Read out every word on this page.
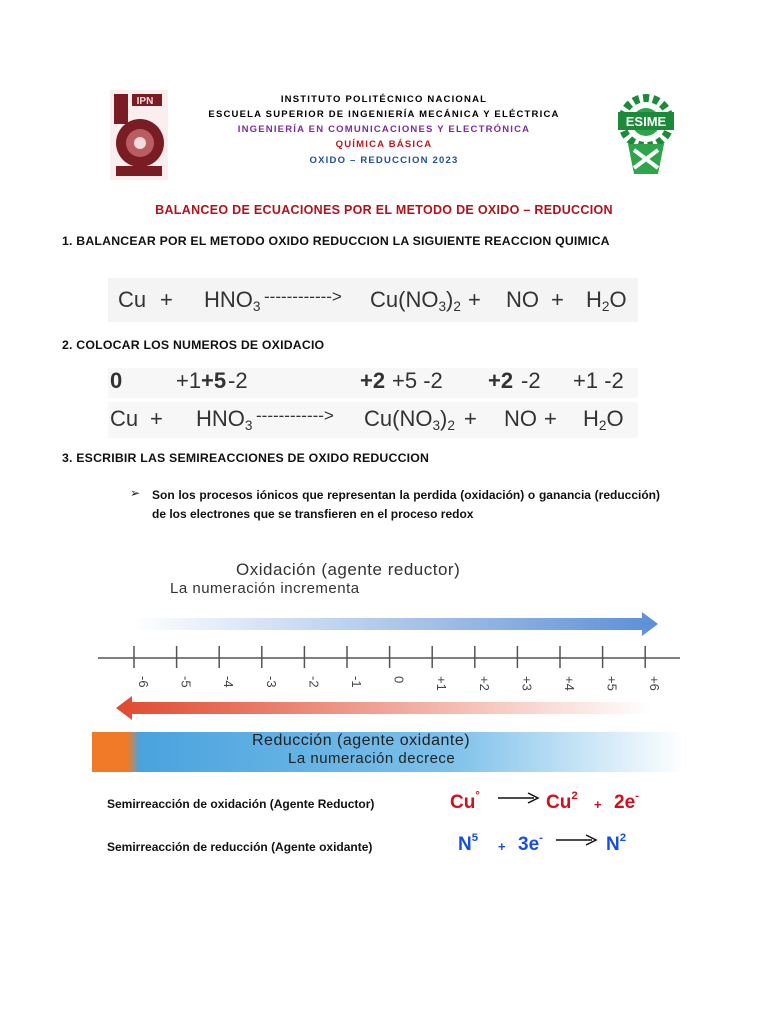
IPN
ESIME
INSTITUTO POLITÉCNICO NACIONAL
ESCUELA SUPERIOR DE INGENIERÍA MECÁNICA Y ELÉCTRICA
INGENIERÍA EN COMUNICACIONES Y ELECTRÓNICA
QUÍMICA BÁSICA
OXIDO – REDUCCION 2023
BALANCEO DE ECUACIONES POR EL METODO DE OXIDO – REDUCCION
1. BALANCEAR POR EL METODO OXIDO REDUCCION LA SIGUIENTE REACCION QUIMICA
$Cu + HNO_3$
------------> $Cu(NO_3)_2$ + NO + $H_2O$
2. COLOCAR LOS NUMEROS DE OXIDACIO
0 +1 +5 -2	+2 +5 -2 +2 -2 +1 -2
$Cu + HNO_3$
------------> $Cu(NO_3)_2$ + NO + $H_2O$
3. ESCRIBIR LAS SEMIREACCIONES DE OXIDO REDUCCION
➢ Son los procesos iónicos que representan la perdida (oxidación) o ganancia (reducción) de los electrones que se transfieren en el proceso redox
Oxidación (agente reductor)
La numeración incrementa
-6 -5 -4 -3 -2 -1 0 +1 +2 +3 +4 +5 +6
Reducción (agente oxidante)
La numeración decrece
Semirreacción de oxidación (Agente Reductor)	Cu°	$Cu^2$
+ 2e-
Semirreacción de reducción (Agente oxidante)	$N^5$
+ 3e-	$N^2$
